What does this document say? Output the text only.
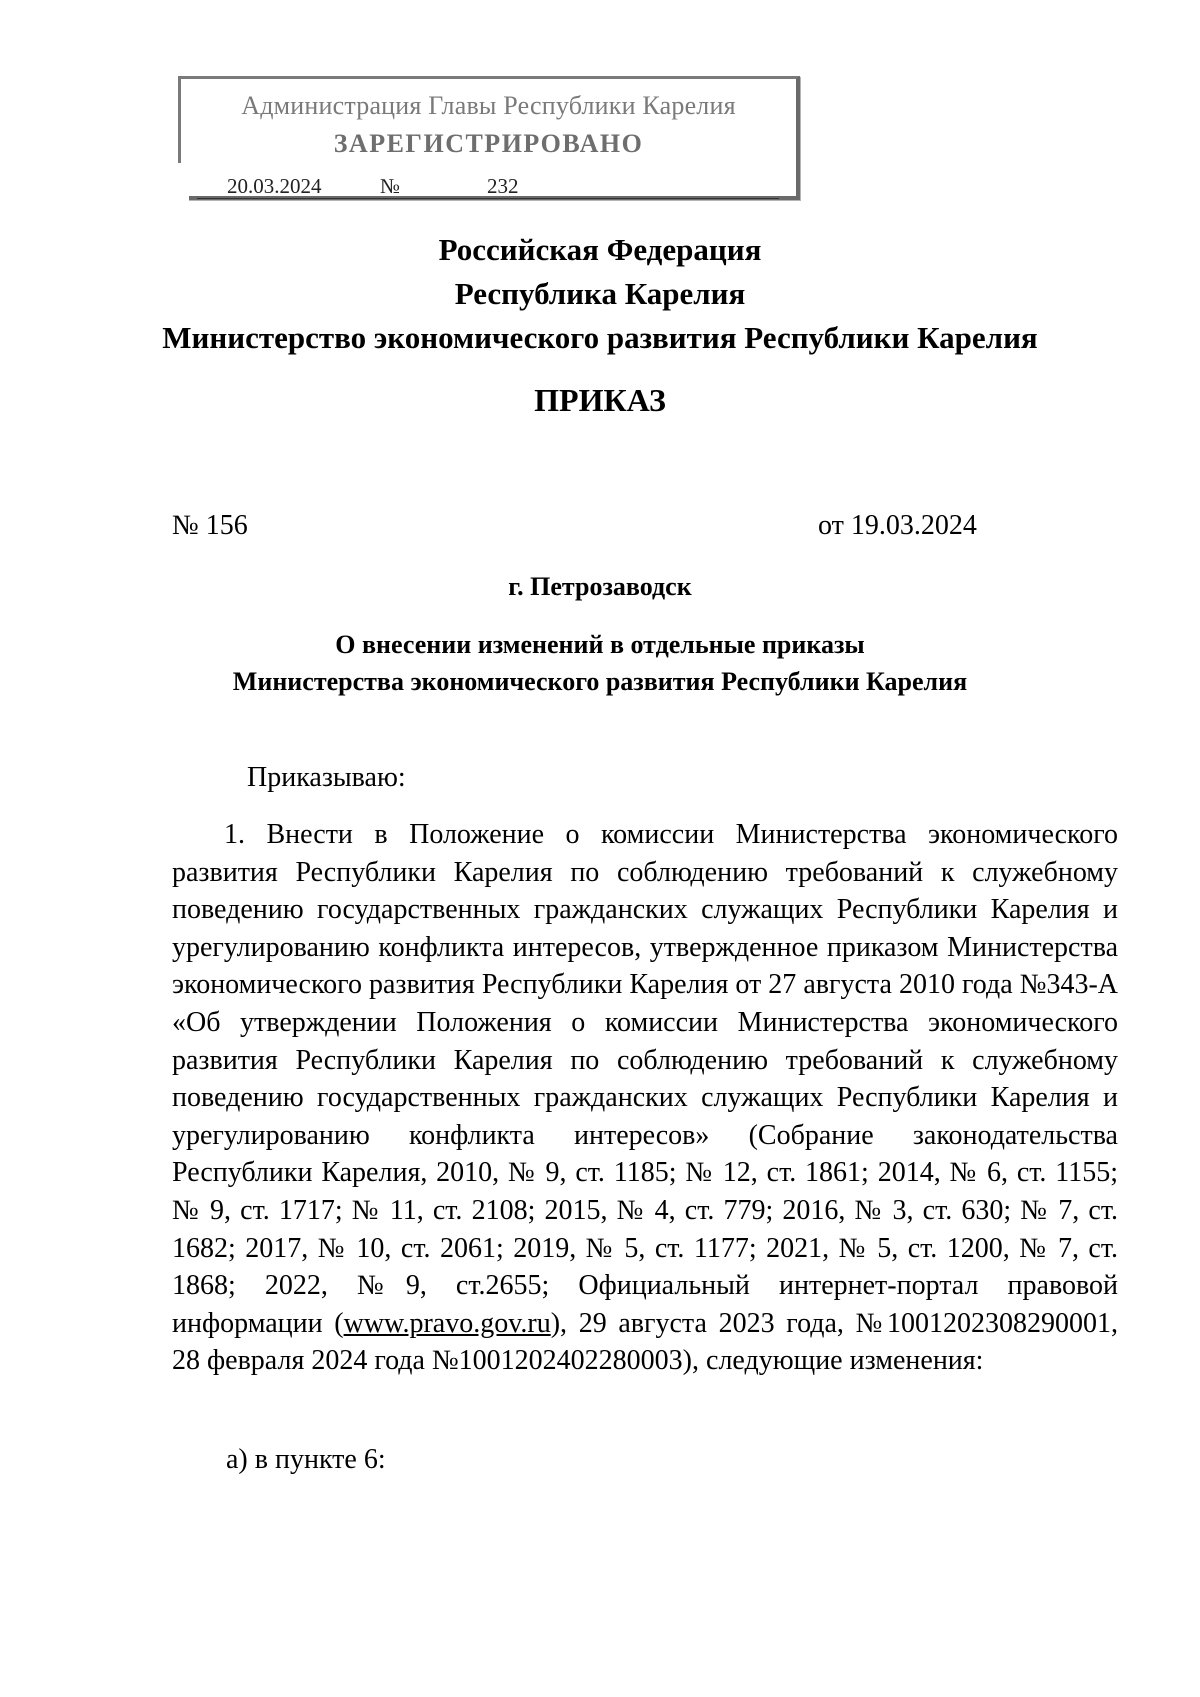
Администрация Главы Республики Карелия
ЗАРЕГИСТРИРОВАНО
20.03.2024	№	232
Российская Федерация
Республика Карелия
Министерство экономического развития Республики Карелия
ПРИКАЗ
№ 156	от 19.03.2024
г. Петрозаводск
О внесении изменений в отдельные приказы
Министерства экономического развития Республики Карелия
Приказываю:

1. Внести в Положение о комиссии Министерства экономического развития Республики Карелия по соблюдению требований к служебному поведению государственных гражданских служащих Республики Карелия и урегулированию конфликта интересов, утвержденное приказом Министерства экономического развития Республики Карелия от 27 августа 2010 года №343-А «Об утверждении Положения о комиссии Министерства экономического развития Республики Карелия по соблюдению требований к служебному поведению государственных гражданских служащих Республики Карелия и урегулированию конфликта интересов» (Собрание законодательства Республики Карелия, 2010, № 9, ст. 1185; № 12, ст. 1861; 2014, № 6, ст. 1155; № 9, ст. 1717; № 11, ст. 2108; 2015, № 4, ст. 779; 2016, № 3, ст. 630; № 7, ст. 1682; 2017, № 10, ст. 2061; 2019, № 5, ст. 1177; 2021, № 5, ст. 1200, № 7, ст. 1868; 2022, №9, ст.2655; Официальный интернет-портал правовой информации (www.pravo.gov.ru), 29 августа 2023 года, №1001202308290001, 28 февраля 2024 года №1001202402280003), следующие изменения:

а) в пункте 6:
